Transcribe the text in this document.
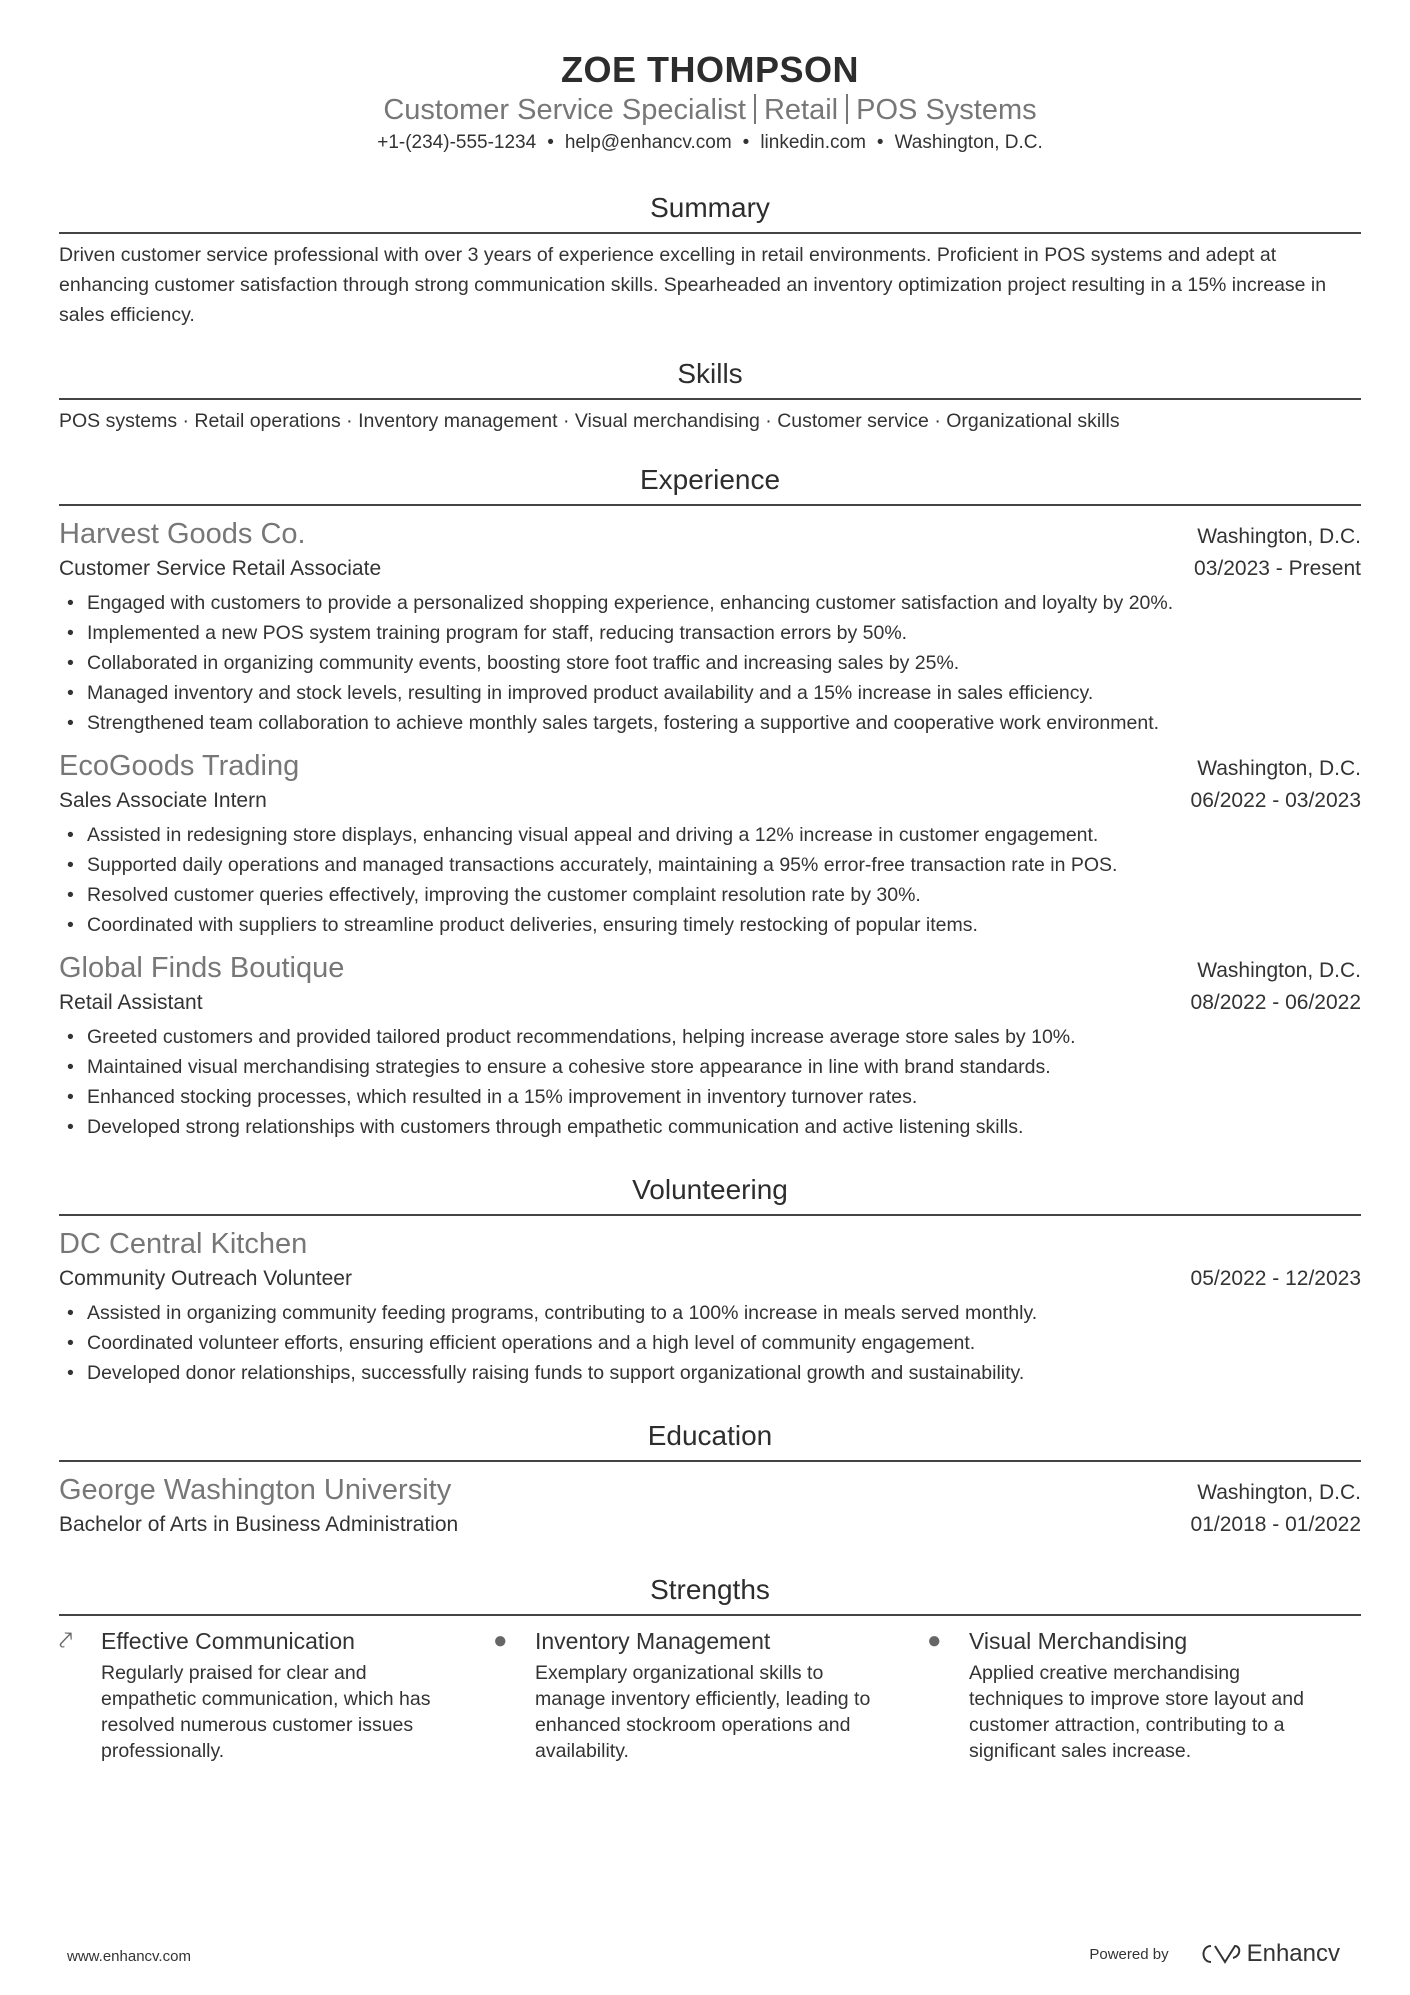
ZOE THOMPSON
Customer Service Specialist Retail POS Systems
+1-(234)-555-1234 • help@enhancv.com • linkedin.com • Washington, D.C.
Summary
Driven customer service professional with over 3 years of experience excelling in retail environments. Proficient in POS systems and adept at enhancing customer satisfaction through strong communication skills. Spearheaded an inventory optimization project resulting in a 15% increase in sales efficiency.
Skills
POS systems · Retail operations · Inventory management · Visual merchandising · Customer service · Organizational skills
Experience
Harvest Goods Co.	Washington, D.C.
Customer Service Retail Associate	03/2023 - Present
• Engaged with customers to provide a personalized shopping experience, enhancing customer satisfaction and loyalty by 20%.
• Implemented a new POS system training program for staff, reducing transaction errors by 50%.
• Collaborated in organizing community events, boosting store foot traffic and increasing sales by 25%.
• Managed inventory and stock levels, resulting in improved product availability and a 15% increase in sales efficiency.
• Strengthened team collaboration to achieve monthly sales targets, fostering a supportive and cooperative work environment.
EcoGoods Trading	Washington, D.C.
Sales Associate Intern	06/2022 - 03/2023
• Assisted in redesigning store displays, enhancing visual appeal and driving a 12% increase in customer engagement.
• Supported daily operations and managed transactions accurately, maintaining a 95% error-free transaction rate in POS.
• Resolved customer queries effectively, improving the customer complaint resolution rate by 30%.
• Coordinated with suppliers to streamline product deliveries, ensuring timely restocking of popular items.
Global Finds Boutique	Washington, D.C.
Retail Assistant	08/2022 - 06/2022
• Greeted customers and provided tailored product recommendations, helping increase average store sales by 10%.
• Maintained visual merchandising strategies to ensure a cohesive store appearance in line with brand standards.
• Enhanced stocking processes, which resulted in a 15% improvement in inventory turnover rates.
• Developed strong relationships with customers through empathetic communication and active listening skills.
Volunteering
DC Central Kitchen
Community Outreach Volunteer	05/2022 - 12/2023
• Assisted in organizing community feeding programs, contributing to a 100% increase in meals served monthly.
• Coordinated volunteer efforts, ensuring efficient operations and a high level of community engagement.
• Developed donor relationships, successfully raising funds to support organizational growth and sustainability.
Education
George Washington University	Washington, D.C.
Bachelor of Arts in Business Administration	01/2018 - 01/2022
Strengths
⤤	Effective Communication
Regularly praised for clear and empathetic communication, which has resolved numerous customer issues professionally.
●	Inventory Management
Exemplary organizational skills to manage inventory efficiently, leading to enhanced stockroom operations and availability.
●	Visual Merchandising
Applied creative merchandising techniques to improve store layout and customer attraction, contributing to a significant sales increase.
www.enhancv.com	Powered by	Enhancv
